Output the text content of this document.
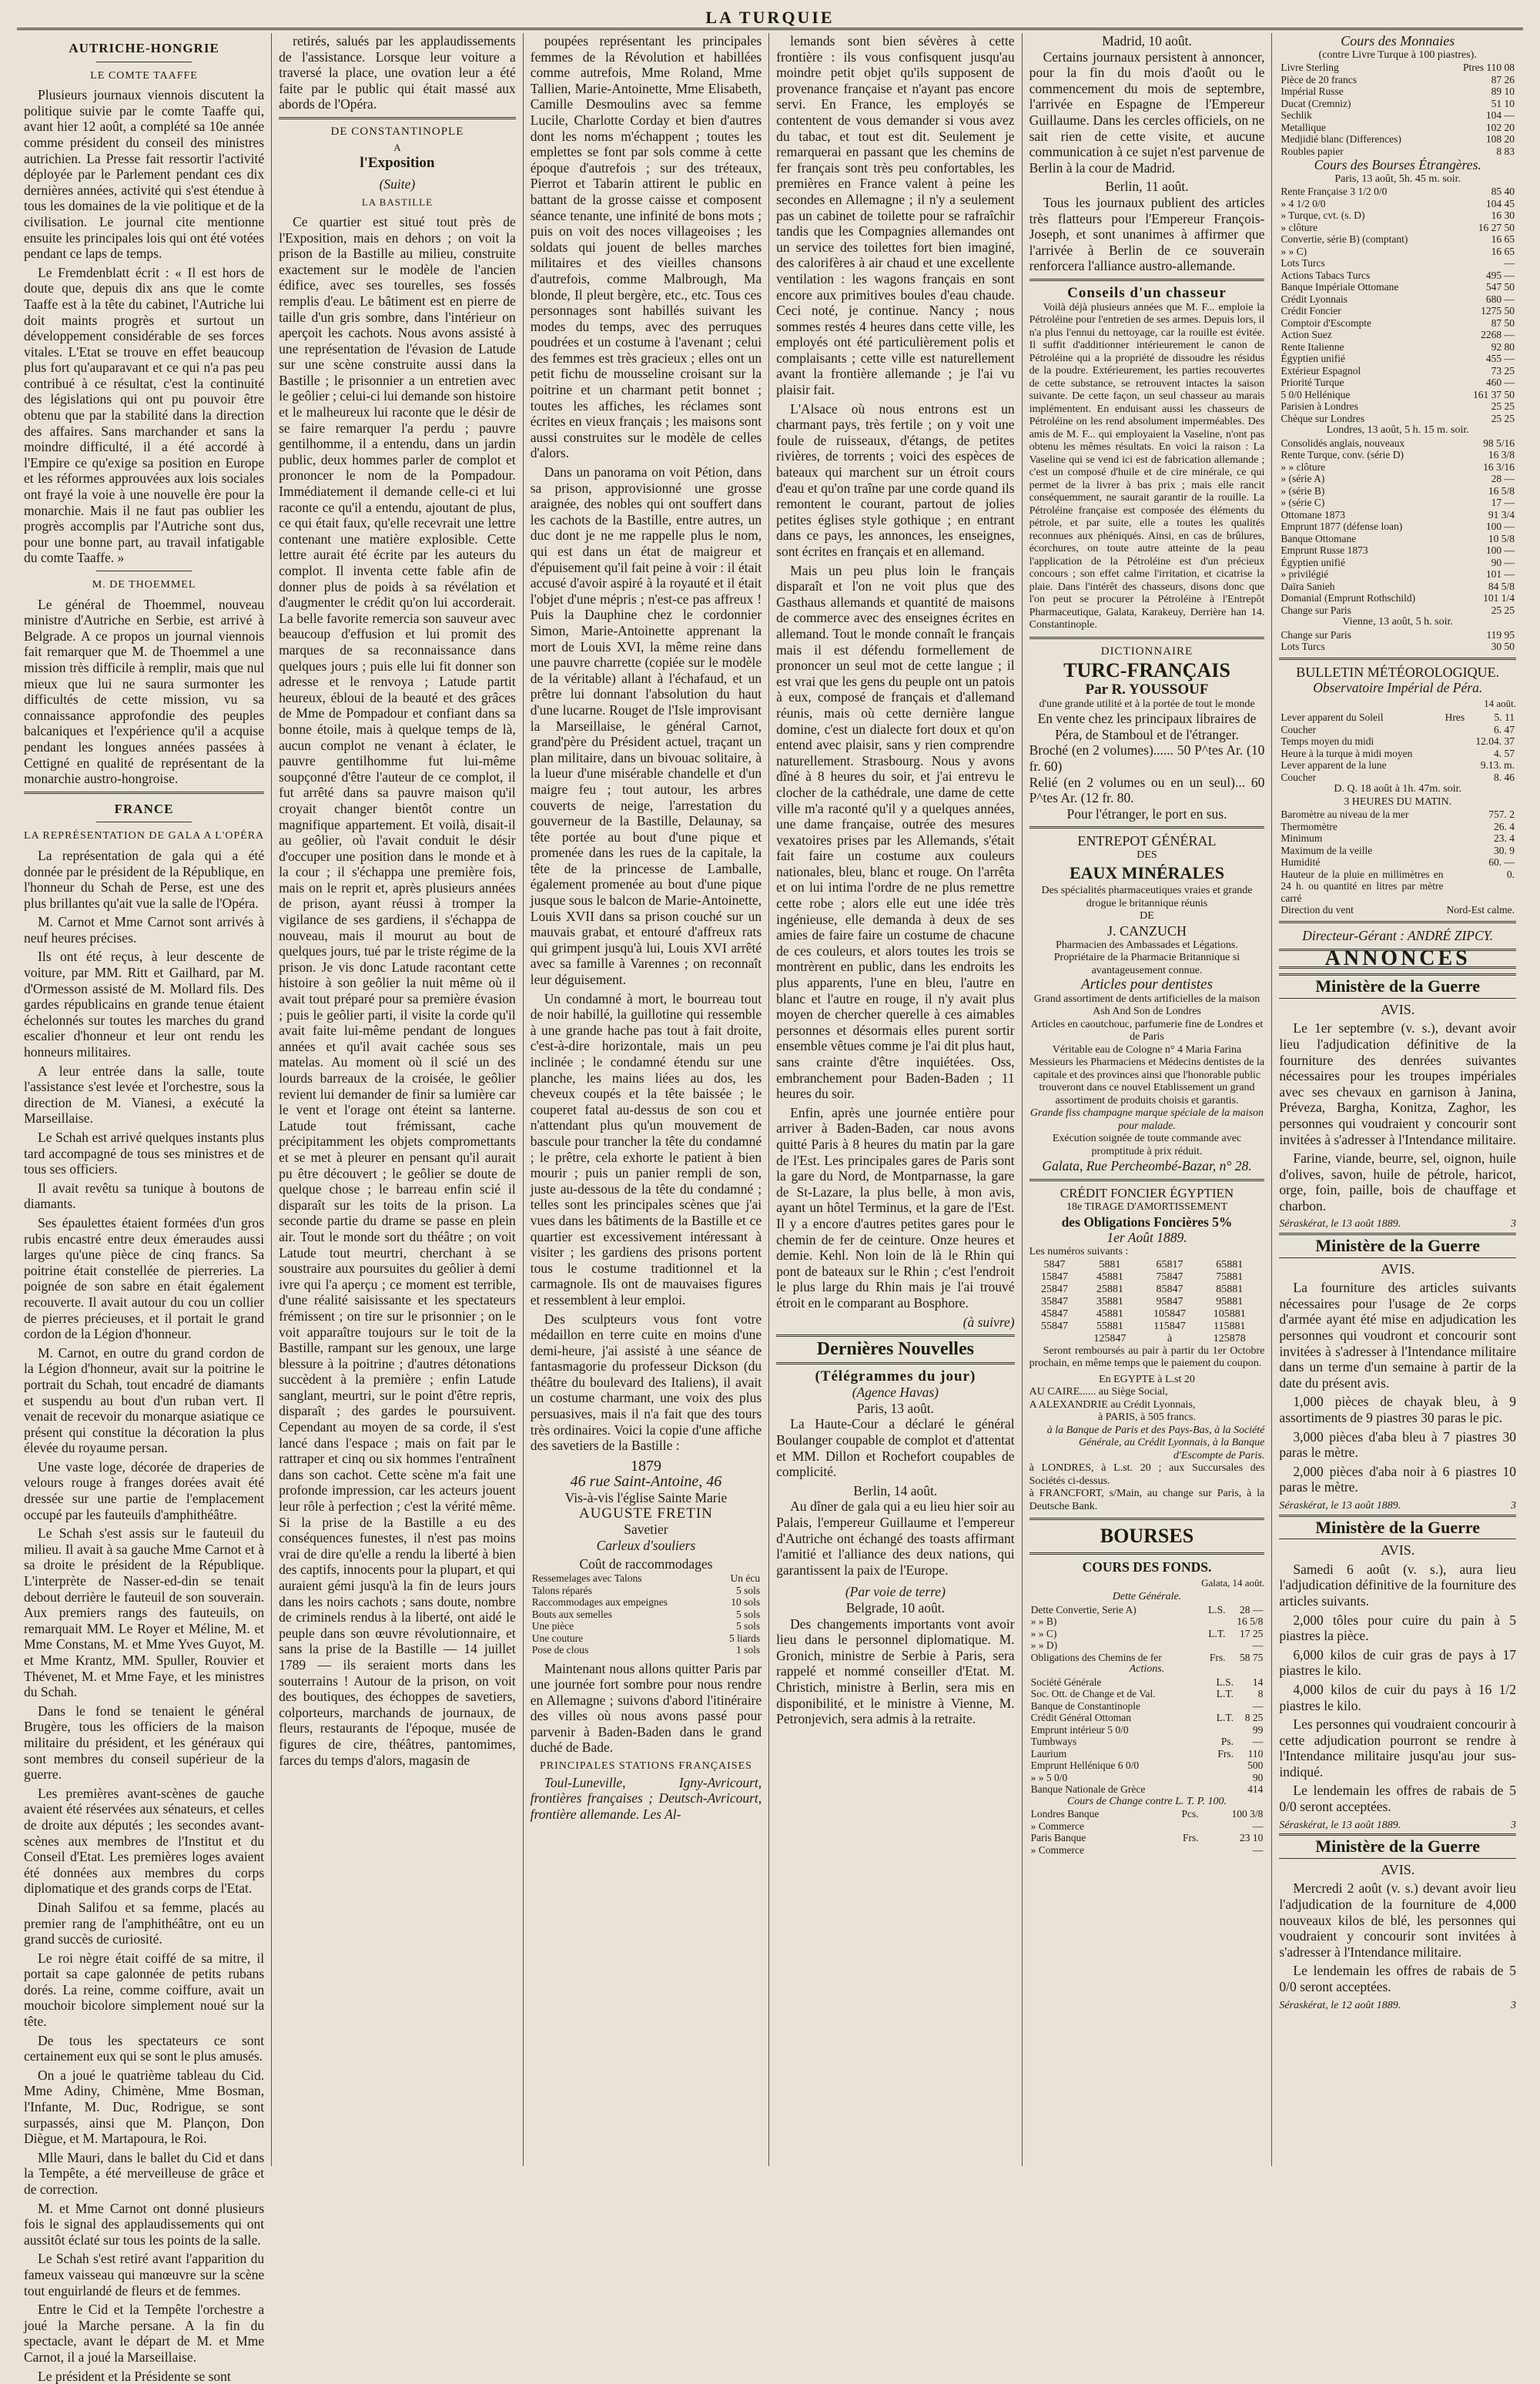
LA TURQUIE
AUTRICHE-HONGRIE
LE COMTE TAAFFE

Plusieurs journaux viennois discutent la politique suivie par le comte Taaffe qui, avant hier 12 août, a complété sa 10e année comme président du conseil des ministres autrichien. La Presse fait ressortir l'activité déployée par le Parlement pendant ces dix dernières années, activité qui s'est étendue à tous les domaines de la vie politique et de la civilisation. Le journal cite mentionne ensuite les principales lois qui ont été votées pendant ce laps de temps.

Le Fremdenblatt écrit : « Il est hors de doute que, depuis dix ans que le comte Taaffe est à la tête du cabinet, l'Autriche lui doit maints progrès et surtout un développement considérable de ses forces vitales. L'Etat se trouve en effet beaucoup plus fort qu'auparavant et ce qui n'a pas peu contribué à ce résultat, c'est la continuité des législations qui ont pu pouvoir être obtenu que par la stabilité dans la direction des affaires. Sans marchander et sans la moindre difficulté, il a été accordé à l'Empire ce qu'exige sa position en Europe et les réformes approuvées aux lois sociales ont frayé la voie à une nouvelle ère pour la monarchie. Mais il ne faut pas oublier les progrès accomplis par l'Autriche sont dus, pour une bonne part, au travail infatigable du comte Taaffe. »

M. DE THOEMMEL

Le général de Thoemmel, nouveau ministre d'Autriche en Serbie, est arrivé à Belgrade. A ce propos un journal viennois fait remarquer que M. de Thoemmel a une mission très difficile à remplir, mais que nul mieux que lui ne saura surmonter les difficultés de cette mission, vu sa connaissance approfondie des peuples balcaniques et l'expérience qu'il a acquise pendant les longues années passées à Cettigné en qualité de représentant de la monarchie austro-hongroise.

FRANCE
LA REPRÉSENTATION DE GALA A L'OPÉRA

La représentation de gala qui a été donnée par le président de la République, en l'honneur du Schah de Perse, est une des plus brillantes qu'ait vue la salle de l'Opéra.

M. Carnot et Mme Carnot sont arrivés à neuf heures précises.

Ils ont été reçus, à leur descente de voiture, par MM. Ritt et Gailhard, par M. d'Ormesson assisté de M. Mollard fils. Des gardes républicains en grande tenue étaient échelonnés sur toutes les marches du grand escalier d'honneur et leur ont rendu les honneurs militaires.

A leur entrée dans la salle, toute l'assistance s'est levée et l'orchestre, sous la direction de M. Vianesi, a exécuté la Marseillaise.

Le Schah est arrivé quelques instants plus tard accompagné de tous ses ministres et de tous ses officiers.

Il avait revêtu sa tunique à boutons de diamants.

Ses épaulettes étaient formées d'un gros rubis encastré entre deux émeraudes aussi larges qu'une pièce de cinq francs. Sa poitrine était constellée de pierreries. La poignée de son sabre en était également recouverte. Il avait autour du cou un collier de pierres précieuses, et il portait le grand cordon de la Légion d'honneur.

M. Carnot, en outre du grand cordon de la Légion d'honneur, avait sur la poitrine le portrait du Schah, tout encadré de diamants et suspendu au bout d'un ruban vert. Il venait de recevoir du monarque asiatique ce présent qui constitue la décoration la plus élevée du royaume persan.

Une vaste loge, décorée de draperies de velours rouge à franges dorées avait été dressée sur une partie de l'emplacement occupé par les fauteuils d'amphithéâtre.

Le Schah s'est assis sur le fauteuil du milieu. Il avait à sa gauche Mme Carnot et à sa droite le président de la République. L'interprète de Nasser-ed-din se tenait debout derrière le fauteuil de son souverain. Aux premiers rangs des fauteuils, on remarquait MM. Le Royer et Méline, M. et Mme Constans, M. et Mme Yves Guyot, M. et Mme Krantz, MM. Spuller, Rouvier et Thévenet, M. et Mme Faye, et les ministres du Schah.

Dans le fond se tenaient le général Brugère, tous les officiers de la maison militaire du président, et les généraux qui sont membres du conseil supérieur de la guerre.

Les premières avant-scènes de gauche avaient été réservées aux sénateurs, et celles de droite aux députés ; les secondes avant-scènes aux membres de l'Institut et du Conseil d'Etat. Les premières loges avaient été données aux membres du corps diplomatique et des grands corps de l'Etat.

Dinah Salifou et sa femme, placés au premier rang de l'amphithéâtre, ont eu un grand succès de curiosité.

Le roi nègre était coiffé de sa mitre, il portait sa cape galonnée de petits rubans dorés. La reine, comme coiffure, avait un mouchoir bicolore simplement noué sur la tête.

De tous les spectateurs ce sont certainement eux qui se sont le plus amusés.

On a joué le quatrième tableau du Cid. Mme Adiny, Chimène, Mme Bosman, l'Infante, M. Duc, Rodrigue, se sont surpassés, ainsi que M. Plançon, Don Diègue, et M. Martapoura, le Roi.

Mlle Mauri, dans le ballet du Cid et dans la Tempête, a été merveilleuse de grâce et de correction.

M. et Mme Carnot ont donné plusieurs fois le signal des applaudissements qui ont aussitôt éclaté sur tous les points de la salle.

Le Schah s'est retiré avant l'apparition du fameux vaisseau qui manœuvre sur la scène tout enguirlandé de fleurs et de femmes.

Entre le Cid et la Tempête l'orchestre a joué la Marche persane. A la fin du spectacle, avant le départ de M. et Mme Carnot, il a joué la Marseillaise.

Le président et la Présidente se sont

retirés, salués par les applaudissements de l'assistance. Lorsque leur voiture a traversé la place, une ovation leur a été faite par le public qui était massé aux abords de l'Opéra.

DE CONSTANTINOPLE
A
l'Exposition
(Suite)
LA BASTILLE

Ce quartier est situé tout près de l'Exposition, mais en dehors ; on voit la prison de la Bastille au milieu, construite exactement sur le modèle de l'ancien édifice, avec ses tourelles, ses fossés remplis d'eau. Le bâtiment est en pierre de taille d'un gris sombre, dans l'intérieur on aperçoit les cachots. Nous avons assisté à une représentation de l'évasion de Latude sur une scène construite aussi dans la Bastille ; le prisonnier a un entretien avec le geôlier ; celui-ci lui demande son histoire et le malheureux lui raconte que le désir de se faire remarquer l'a perdu ; pauvre gentilhomme, il a entendu, dans un jardin public, deux hommes parler de complot et prononcer le nom de la Pompadour. Immédiatement il demande celle-ci et lui raconte ce qu'il a entendu, ajoutant de plus, ce qui était faux, qu'elle recevrait une lettre contenant une matière explosible. Cette lettre aurait été écrite par les auteurs du complot. Il inventa cette fable afin de donner plus de poids à sa révélation et d'augmenter le crédit qu'on lui accorderait. La belle favorite remercia son sauveur avec beaucoup d'effusion et lui promit des marques de sa reconnaissance dans quelques jours ; puis elle lui fit donner son adresse et le renvoya ; Latude partit heureux, ébloui de la beauté et des grâces de Mme de Pompadour et confiant dans sa bonne étoile, mais à quelque temps de là, aucun complot ne venant à éclater, le pauvre gentilhomme fut lui-même soupçonné d'être l'auteur de ce complot, il fut arrêté dans sa pauvre maison qu'il croyait changer bientôt contre un magnifique appartement. Et voilà, disait-il au geôlier, où l'avait conduit le désir d'occuper une position dans le monde et à la cour ; il s'échappa une première fois, mais on le reprit et, après plusieurs années de prison, ayant réussi à tromper la vigilance de ses gardiens, il s'échappa de nouveau, mais il mourut au bout de quelques jours, tué par le triste régime de la prison. Je vis donc Latude racontant cette histoire à son geôlier la nuit même où il avait tout préparé pour sa première évasion ; puis le geôlier parti, il visite la corde qu'il avait faite lui-même pendant de longues années et qu'il avait cachée sous ses matelas. Au moment où il scié un des lourds barreaux de la croisée, le geôlier revient lui demander de finir sa lumière car le vent et l'orage ont éteint sa lanterne. Latude tout frémissant, cache précipitamment les objets compromettants et se met à pleurer en pensant qu'il aurait pu être découvert ; le geôlier se doute de quelque chose ; le barreau enfin scié il disparaît sur les toits de la prison. La seconde partie du drame se passe en plein air. Tout le monde sort du théâtre ; on voit Latude tout meurtri, cherchant à se soustraire aux poursuites du geôlier à demi ivre qui l'a aperçu ; ce moment est terrible, d'une réalité saisissante et les spectateurs frémissent ; on tire sur le prisonnier ; on le voit apparaître toujours sur le toit de la Bastille, rampant sur les genoux, une large blessure à la poitrine ; d'autres détonations succèdent à la première ; enfin Latude sanglant, meurtri, sur le point d'être repris, disparaît ; des gardes le poursuivent. Cependant au moyen de sa corde, il s'est lancé dans l'espace ; mais on fait par le rattraper et cinq ou six hommes l'entraînent dans son cachot. Cette scène m'a fait une profonde impression, car les acteurs jouent leur rôle à perfection ; c'est la vérité même. Si la prise de la Bastille a eu des conséquences funestes, il n'est pas moins vrai de dire qu'elle a rendu la liberté à bien des captifs, innocents pour la plupart, et qui auraient gémi jusqu'à la fin de leurs jours dans les noirs cachots ; sans doute, nombre de criminels rendus à la liberté, ont aidé le peuple dans son œuvre révolutionnaire, et sans la prise de la Bastille — 14 juillet 1789 — ils seraient morts dans les souterrains ! Autour de la prison, on voit des boutiques, des échoppes de savetiers, colporteurs, marchands de journaux, de fleurs, restaurants de l'époque, musée de figures de cire, théâtres, pantomimes, farces du temps d'alors, magasin de

poupées représentant les principales femmes de la Révolution et habillées comme autrefois, Mme Roland, Mme Tallien, Marie-Antoinette, Mme Elisabeth, Camille Desmoulins avec sa femme Lucile, Charlotte Corday et bien d'autres dont les noms m'échappent ; toutes les emplettes se font par sols comme à cette époque d'autrefois ; sur des tréteaux, Pierrot et Tabarin attirent le public en battant de la grosse caisse et composent séance tenante, une infinité de bons mots ; puis on voit des noces villageoises ; les soldats qui jouent de belles marches militaires et des vieilles chansons d'autrefois, comme Malbrough, Ma blonde, Il pleut bergère, etc., etc. Tous ces personnages sont habillés suivant les modes du temps, avec des perruques poudrées et un costume à l'avenant ; celui des femmes est très gracieux ; elles ont un petit fichu de mousseline croisant sur la poitrine et un charmant petit bonnet ; toutes les affiches, les réclames sont écrites en vieux français ; les maisons sont aussi construites sur le modèle de celles d'alors.

Dans un panorama on voit Pétion, dans sa prison, approvisionné une grosse araignée, des nobles qui ont souffert dans les cachots de la Bastille, entre autres, un duc dont je ne me rappelle plus le nom, qui est dans un état de maigreur et d'épuisement qu'il fait peine à voir : il était accusé d'avoir aspiré à la royauté et il était l'objet d'une mépris ; n'est-ce pas affreux ! Puis la Dauphine chez le cordonnier Simon, Marie-Antoinette apprenant la mort de Louis XVI, la même reine dans une pauvre charrette (copiée sur le modèle de la véritable) allant à l'échafaud, et un prêtre lui donnant l'absolution du haut d'une lucarne. Rouget de l'Isle improvisant la Marseillaise, le général Carnot, grand'père du Président actuel, traçant un plan militaire, dans un bivouac solitaire, à la lueur d'une misérable chandelle et d'un maigre feu ; tout autour, les arbres couverts de neige, l'arrestation du gouverneur de la Bastille, Delaunay, sa tête portée au bout d'une pique et promenée dans les rues de la capitale, la tête de la princesse de Lamballe, également promenée au bout d'une pique jusque sous le balcon de Marie-Antoinette, Louis XVII dans sa prison couché sur un mauvais grabat, et entouré d'affreux rats qui grimpent jusqu'à lui, Louis XVI arrêté avec sa famille à Varennes ; on reconnaît leur déguisement.

Un condamné à mort, le bourreau tout de noir habillé, la guillotine qui ressemble à une grande hache pas tout à fait droite, c'est-à-dire horizontale, mais un peu inclinée ; le condamné étendu sur une planche, les mains liées au dos, les cheveux coupés et la tête baissée ; le couperet fatal au-dessus de son cou et n'attendant plus qu'un mouvement de bascule pour trancher la tête du condamné ; le prêtre, cela exhorte le patient à bien mourir ; puis un panier rempli de son, juste au-dessous de la tête du condamné ; telles sont les principales scènes que j'ai vues dans les bâtiments de la Bastille et ce quartier est excessivement intéressant à visiter ; les gardiens des prisons portent tous le costume traditionnel et la carmagnole. Ils ont de mauvaises figures et ressemblent à leur emploi.

Des sculpteurs vous font votre médaillon en terre cuite en moins d'une demi-heure, j'ai assisté à une séance de fantasmagorie du professeur Dickson (du théâtre du boulevard des Italiens), il avait un costume charmant, une voix des plus persuasives, mais il n'a fait que des tours très ordinaires. Voici la copie d'une affiche des savetiers de la Bastille :

1879
46 rue Saint-Antoine, 46
Vis-à-vis l'église Sainte Marie
AUGUSTE FRETIN
Savetier
Carleux d'souliers
Coût de raccommodages
Ressemelages avec Talons	Un écu
Talons réparés	5 sols
Raccommodages aux empeignes	10 sols
Bouts aux semelles	5 sols
Une pièce	5 sols
Une couture	5 liards
Pose de clous	1 sols

Maintenant nous allons quitter Paris par une journée fort sombre pour nous rendre en Allemagne ; suivons d'abord l'itinéraire des villes où nous avons passé pour parvenir à Baden-Baden dans le grand duché de Bade.

PRINCIPALES STATIONS FRANÇAISES

Toul-Luneville, Igny-Avricourt, frontières françaises ; Deutsch-Avricourt, frontière allemande. Les Al-

lemands sont bien sévères à cette frontière : ils vous confisquent jusqu'au moindre petit objet qu'ils supposent de provenance française et n'ayant pas encore servi. En France, les employés se contentent de vous demander si vous avez du tabac, et tout est dit. Seulement je remarquerai en passant que les chemins de fer français sont très peu confortables, les premières en France valent à peine les secondes en Allemagne ; il n'y a seulement pas un cabinet de toilette pour se rafraîchir tandis que les Compagnies allemandes ont un service des toilettes fort bien imaginé, des calorifères à air chaud et une excellente ventilation : les wagons français en sont encore aux primitives boules d'eau chaude. Ceci noté, je continue. Nancy ; nous sommes restés 4 heures dans cette ville, les employés ont été particulièrement polis et complaisants ; cette ville est naturellement avant la frontière allemande ; je l'ai vu plaisir fait.

L'Alsace où nous entrons est un charmant pays, très fertile ; on y voit une foule de ruisseaux, d'étangs, de petites rivières, de torrents ; voici des espèces de bateaux qui marchent sur un étroit cours d'eau et qu'on traîne par une corde quand ils remontent le courant, partout de jolies petites églises style gothique ; en entrant dans ce pays, les annonces, les enseignes, sont écrites en français et en allemand.

Mais un peu plus loin le français disparaît et l'on ne voit plus que des Gasthaus allemands et quantité de maisons de commerce avec des enseignes écrites en allemand. Tout le monde connaît le français mais il est défendu formellement de prononcer un seul mot de cette langue ; il est vrai que les gens du peuple ont un patois à eux, composé de français et d'allemand réunis, mais où cette dernière langue domine, c'est un dialecte fort doux et qu'on entend avec plaisir, sans y rien comprendre naturellement. Strasbourg. Nous y avons dîné à 8 heures du soir, et j'ai entrevu le clocher de la cathédrale, une dame de cette ville m'a raconté qu'il y a quelques années, une dame française, outrée des mesures vexatoires prises par les Allemands, s'était fait faire un costume aux couleurs nationales, bleu, blanc et rouge. On l'arrêta et on lui intima l'ordre de ne plus remettre cette robe ; alors elle eut une idée très ingénieuse, elle demanda à deux de ses amies de faire faire un costume de chacune de ces couleurs, et alors toutes les trois se montrèrent en public, dans les endroits les plus apparents, l'une en bleu, l'autre en blanc et l'autre en rouge, il n'y avait plus moyen de chercher querelle à ces aimables personnes et désormais elles purent sortir ensemble vêtues comme je l'ai dit plus haut, sans crainte d'être inquiétées. Oss, embranchement pour Baden-Baden ; 11 heures du soir.

Enfin, après une journée entière pour arriver à Baden-Baden, car nous avons quitté Paris à 8 heures du matin par la gare de l'Est. Les principales gares de Paris sont la gare du Nord, de Montparnasse, la gare de St-Lazare, la plus belle, à mon avis, ayant un hôtel Terminus, et la gare de l'Est. Il y a encore d'autres petites gares pour le chemin de fer de ceinture. Onze heures et demie. Kehl. Non loin de là le Rhin qui pont de bateaux sur le Rhin ; c'est l'endroit le plus large du Rhin mais je l'ai trouvé étroit en le comparant au Bosphore.

(à suivre)
Dernières Nouvelles
(Télégrammes du jour)
(Agence Havas)
Paris, 13 août.

La Haute-Cour a déclaré le général Boulanger coupable de complot et d'attentat et MM. Dillon et Rochefort coupables de complicité.

Berlin, 14 août.

Au dîner de gala qui a eu lieu hier soir au Palais, l'empereur Guillaume et l'empereur d'Autriche ont échangé des toasts affirmant l'amitié et l'alliance des deux nations, qui garantissent la paix de l'Europe.

(Par voie de terre)
Belgrade, 10 août.

Des changements importants vont avoir lieu dans le personnel diplomatique. M. Gronich, ministre de Serbie à Paris, sera rappelé et nommé conseiller d'Etat. M. Christich, ministre à Berlin, sera mis en disponibilité, et le ministre à Vienne, M. Petronjevich, sera admis à la retraite.

Madrid, 10 août.

Certains journaux persistent à annoncer, pour la fin du mois d'août ou le commencement du mois de septembre, l'arrivée en Espagne de l'Empereur Guillaume. Dans les cercles officiels, on ne sait rien de cette visite, et aucune communication à ce sujet n'est parvenue de Berlin à la cour de Madrid.

Berlin, 11 août.

Tous les journaux publient des articles très flatteurs pour l'Empereur François-Joseph, et sont unanimes à affirmer que l'arrivée à Berlin de ce souverain renforcera l'alliance austro-allemande.

Conseils d'un chasseur

Voilà déjà plusieurs années que M. F... emploie la Pétroléine pour l'entretien de ses armes. Depuis lors, il n'a plus l'ennui du nettoyage, car la rouille est évitée. Il suffit d'additionner intérieurement le canon de Pétroléine qui a la propriété de dissoudre les résidus de la poudre. Extérieurement, les parties recouvertes de cette substance, se retrouvent intactes la saison suivante. De cette façon, un seul chasseur au marais implémentent. En enduisant aussi les chasseurs de Pétroléine on les rend absolument imperméables. Des amis de M. F... qui employaient la Vaseline, n'ont pas obtenu les mêmes résultats. En voici la raison : La Vaseline qui se vend ici est de fabrication allemande ; c'est un composé d'huile et de cire minérale, ce qui permet de la livrer à bas prix ; mais elle rancit conséquemment, ne saurait garantir de la rouille. La Pétroléine française est composée des éléments du pétrole, et par suite, elle a toutes les qualités reconnues aux phéniqués. Ainsi, en cas de brûlures, écorchures, on toute autre atteinte de la peau l'application de la Pétroléine est d'un précieux concours ; son effet calme l'irritation, et cicatrise la plaie. Dans l'intérêt des chasseurs, disons donc que l'on peut se procurer la Pétroléine à l'Entrepôt Pharmaceutique, Galata, Karakeuy, Derrière han 14. Constantinople.

DICTIONNAIRE
TURC-FRANÇAIS
Par R. YOUSSOUF
d'une grande utilité et à la portée de tout le monde
En vente chez les principaux libraires de Péra, de Stamboul et de l'étranger.
Broché (en 2 volumes)...... 50 P^tes Ar. (10 fr. 60)
Relié (en 2 volumes ou en un seul)... 60 P^tes Ar. (12 fr. 80.
Pour l'étranger, le port en sus.
ENTREPOT GÉNÉRAL
DES
EAUX MINÉRALES
Des spécialités pharmaceutiques vraies et grande drogue le britannique réunis
DE
J. CANZUCH
Pharmacien des Ambassades et Légations. Propriétaire de la Pharmacie Britannique si avantageusement connue.
Articles pour dentistes
Grand assortiment de dents artificielles de la maison Ash And Son de Londres
Articles en caoutchouc, parfumerie fine de Londres et de Paris
Véritable eau de Cologne n° 4 Maria Farina
Messieurs les Pharmaciens et Médecins dentistes de la capitale et des provinces ainsi que l'honorable public trouveront dans ce nouvel Etablissement un grand assortiment de produits choisis et garantis.
Grande fiss champagne marque spéciale de la maison pour malade.
Exécution soignée de toute commande avec promptitude à prix réduit.
Galata, Rue Percheombé-Bazar, n° 28.
CRÉDIT FONCIER ÉGYPTIEN
18e TIRAGE D'AMORTISSEMENT
des Obligations Foncières 5%
1er Août 1889.
Les numéros suivants :
5847	5881	65817	65881	
15847	45881	75847	75881	
25847	25881	85847	85881	
35847	35881	95847	95881	
45847	45881	105847	105881	
55847	55881	115847	115881	
	125847	à	125878	

Seront remboursés au pair à partir du 1er Octobre prochain, en même temps que le paiement du coupon.

En EGYPTE à L.st 20
AU CAIRE...... au Siège Social,
A ALEXANDRIE au Crédit Lyonnais,
à PARIS, à 505 francs.
à la Banque de Paris et des Pays-Bas, à la Société Générale, au Crédit Lyonnais, à la Banque d'Escompte de Paris.
à LONDRES, à L.st. 20 ; aux Succursales des Sociétés ci-dessus.
à FRANCFORT, s/Main, au change sur Paris, à la Deutsche Bank.
BOURSES
COURS DES FONDS.
Galata, 14 août.
Dette Générale.
Dette Convertie, Serie A)	L.S.	28 —
» » B)		16 5/8
» » C)	L.T.	17 25
» » D)		—
Obligations des Chemins de fer	Frs.	58 75
Actions.
Société Générale	L.S.	14
Soc. Ott. de Change et de Val.	L.T.	8
Banque de Constantinople		—
Crédit Général Ottoman	L.T.	8 25
Emprunt intérieur 5 0/0		99
Tumbways	Ps.	—
Laurium	Frs.	110
Emprunt Hellénique 6 0/0		500
» » 5 0/0		90
Banque Nationale de Grèce		414
Cours de Change contre L. T. P. 100.
Londres Banque	Pcs.	100 3/8
» Commerce		—
Paris Banque	Frs.	23 10
» Commerce		—
Cours des Monnaies
(contre Livre Turque à 100 piastres).
Livre Sterling	Ptres 110 08
Pièce de 20 francs	87 26
Impérial Russe	89 10
Ducat (Cremniz)	51 10
Sechlik	104 —
Metallique	102 20
Medjidié blanc (Differences)	108 20
Roubles papier	8 83
Cours des Bourses Étrangères.
Paris, 13 août, 5h. 45 m. soir.
Rente Française 3 1/2 0/0	85 40
» 4 1/2 0/0	104 45
» Turque, cvt. (s. D)	16 30
» clôture	16 27 50
Convertie, série B) (comptant)	16 65
» » C)	16 65
Lots Turcs	—
Actions Tabacs Turcs	495 —
Banque Impériale Ottomane	547 50
Crédit Lyonnais	680 —
Crédit Foncier	1275 50
Comptoir d'Escompte	87 50
Action Suez	2268 —
Rente Italienne	92 80
Égyptien unifié	455 —
Extérieur Espagnol	73 25
Priorité Turque	460 —
5 0/0 Hellénique	161 37 50
Parisien à Londres	25 25
Chèque sur Londres	25 25
Londres, 13 août, 5 h. 15 m. soir.
Consolidés anglais, nouveaux	98 5/16
Rente Turque, conv. (série D)	16 3/8
» » clôture	16 3/16
» (série A)	28 —
» (série B)	16 5/8
» (série C)	17 —
Ottomane 1873	91 3/4
Emprunt 1877 (défense loan)	100 —
Banque Ottomane	10 5/8
Emprunt Russe 1873	100 —
Égyptien unifié	90 —
» privilégié	101 —
Daïra Sanieh	84 5/8
Domanial (Emprunt Rothschild)	101 1/4
Change sur Paris	25 25
Vienne, 13 août, 5 h. soir.
Change sur Paris	119 95
Lots Turcs	30 50
BULLETIN MÉTÉOROLOGIQUE.
Observatoire Impérial de Péra.
14 août.
Lever apparent du Soleil	Hres	5. 11
Coucher		6. 47
Temps moyen du midi		12.04. 37
Heure à la turque à midi moyen		4. 57
Lever apparent de la lune		9.13. m.
Coucher		8. 46
D. Q. 18 août à 1h. 47m. soir.
3 HEURES DU MATIN.
Baromètre au niveau de la mer	757. 2
Thermomètre	26. 4
Minimum	23. 4
Maximum de la veille	30. 9
Humidité	60. —
Hauteur de la pluie en millimètres en 24 h. ou quantité en litres par mètre carré	0.
Direction du vent	Nord-Est calme.
Directeur-Gérant : ANDRÉ ZIPCY.
ANNONCES
Ministère de la Guerre
AVIS.

Le 1er septembre (v. s.), devant avoir lieu l'adjudication définitive de la fourniture des denrées suivantes nécessaires pour les troupes impériales avec ses chevaux en garnison à Janina, Préveza, Bargha, Konitza, Zaghor, les personnes qui voudraient y concourir sont invitées à s'adresser à l'Intendance militaire.

Farine, viande, beurre, sel, oignon, huile d'olives, savon, huile de pétrole, haricot, orge, foin, paille, bois de chauffage et charbon.

Séraskérat, le 13 août 1889.	3
Ministère de la Guerre
AVIS.

La fourniture des articles suivants nécessaires pour l'usage de 2e corps d'armée ayant été mise en adjudication les personnes qui voudront et concourir sont invitées à s'adresser à l'Intendance militaire dans un terme d'un semaine à partir de la date du présent avis.

1,000 pièces de chayak bleu, à 9 assortiments de 9 piastres 30 paras le pic.

3,000 pièces d'aba bleu à 7 piastres 30 paras le mètre.

2,000 pièces d'aba noir à 6 piastres 10 paras le mètre.

Séraskérat, le 13 août 1889.	3
Ministère de la Guerre
AVIS.

Samedi 6 août (v. s.), aura lieu l'adjudication définitive de la fourniture des articles suivants.

2,000 tôles pour cuire du pain à 5 piastres la pièce.

6,000 kilos de cuir gras de pays à 17 piastres le kilo.

4,000 kilos de cuir du pays à 16 1/2 piastres le kilo.

Les personnes qui voudraient concourir à cette adjudication pourront se rendre à l'Intendance militaire jusqu'au jour sus-indiqué.

Le lendemain les offres de rabais de 5 0/0 seront acceptées.

Séraskérat, le 13 août 1889.	3
Ministère de la Guerre
AVIS.

Mercredi 2 août (v. s.) devant avoir lieu l'adjudication de la fourniture de 4,000 nouveaux kilos de blé, les personnes qui voudraient y concourir sont invitées à s'adresser à l'Intendance militaire.

Le lendemain les offres de rabais de 5 0/0 seront acceptées.

Séraskérat, le 12 août 1889.	3
